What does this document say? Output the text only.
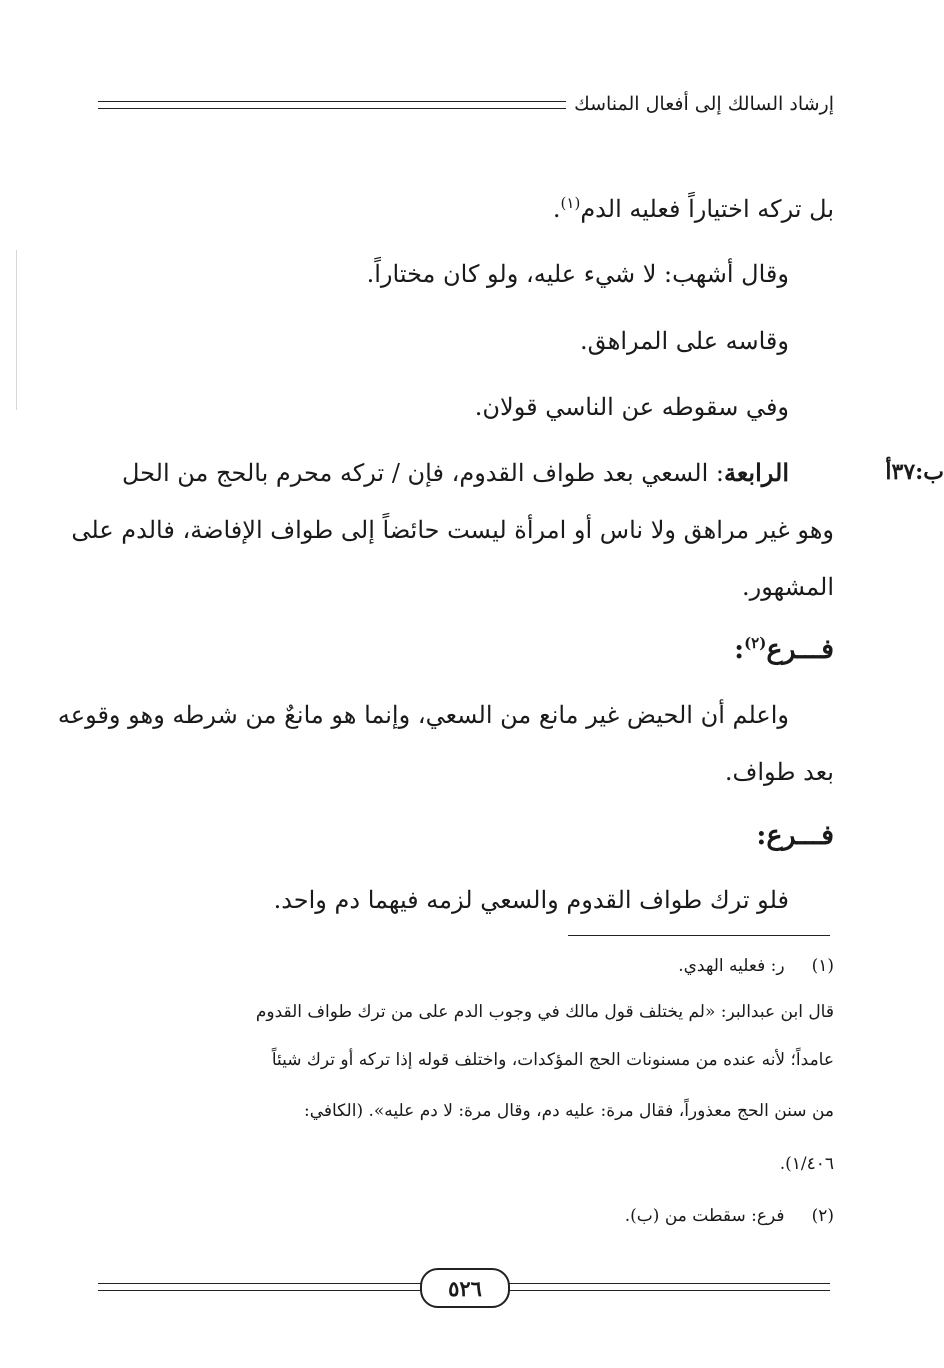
إرشاد السالك إلى أفعال المناسك
بل تركه اختياراً فعليه الدم$^{(١)}$.
وقال أشهب: لا شيء عليه، ولو كان مختاراً.
وقاسه على المراهق.
وفي سقوطه عن الناسي قولان.
ب:٣٧أ
الرابعة: السعي بعد طواف القدوم، فإن / تركه محرم بالحج من الحل
وهو غير مراهق ولا ناس أو امرأة ليست حائضاً إلى طواف الإفاضة، فالدم على
المشهور.
فـــرع$^{(٢)}$:
واعلم أن الحيض غير مانع من السعي، وإنما هو مانعٌ من شرطه وهو وقوعه
بعد طواف.
فـــرع:
فلو ترك طواف القدوم والسعي لزمه فيهما دم واحد.
(١)     ر: فعليه الهدي.
قال ابن عبدالبر: «لم يختلف قول مالك في وجوب الدم على من ترك طواف القدوم
عامداً؛ لأنه عنده من مسنونات الحج المؤكدات، واختلف قوله إذا تركه أو ترك شيئاً
من سنن الحج معذوراً، فقال مرة: عليه دم، وقال مرة: لا دم عليه». (الكافي:
١/٤٠٦).
(٢)     فرع: سقطت من (ب).
٥٢٦
